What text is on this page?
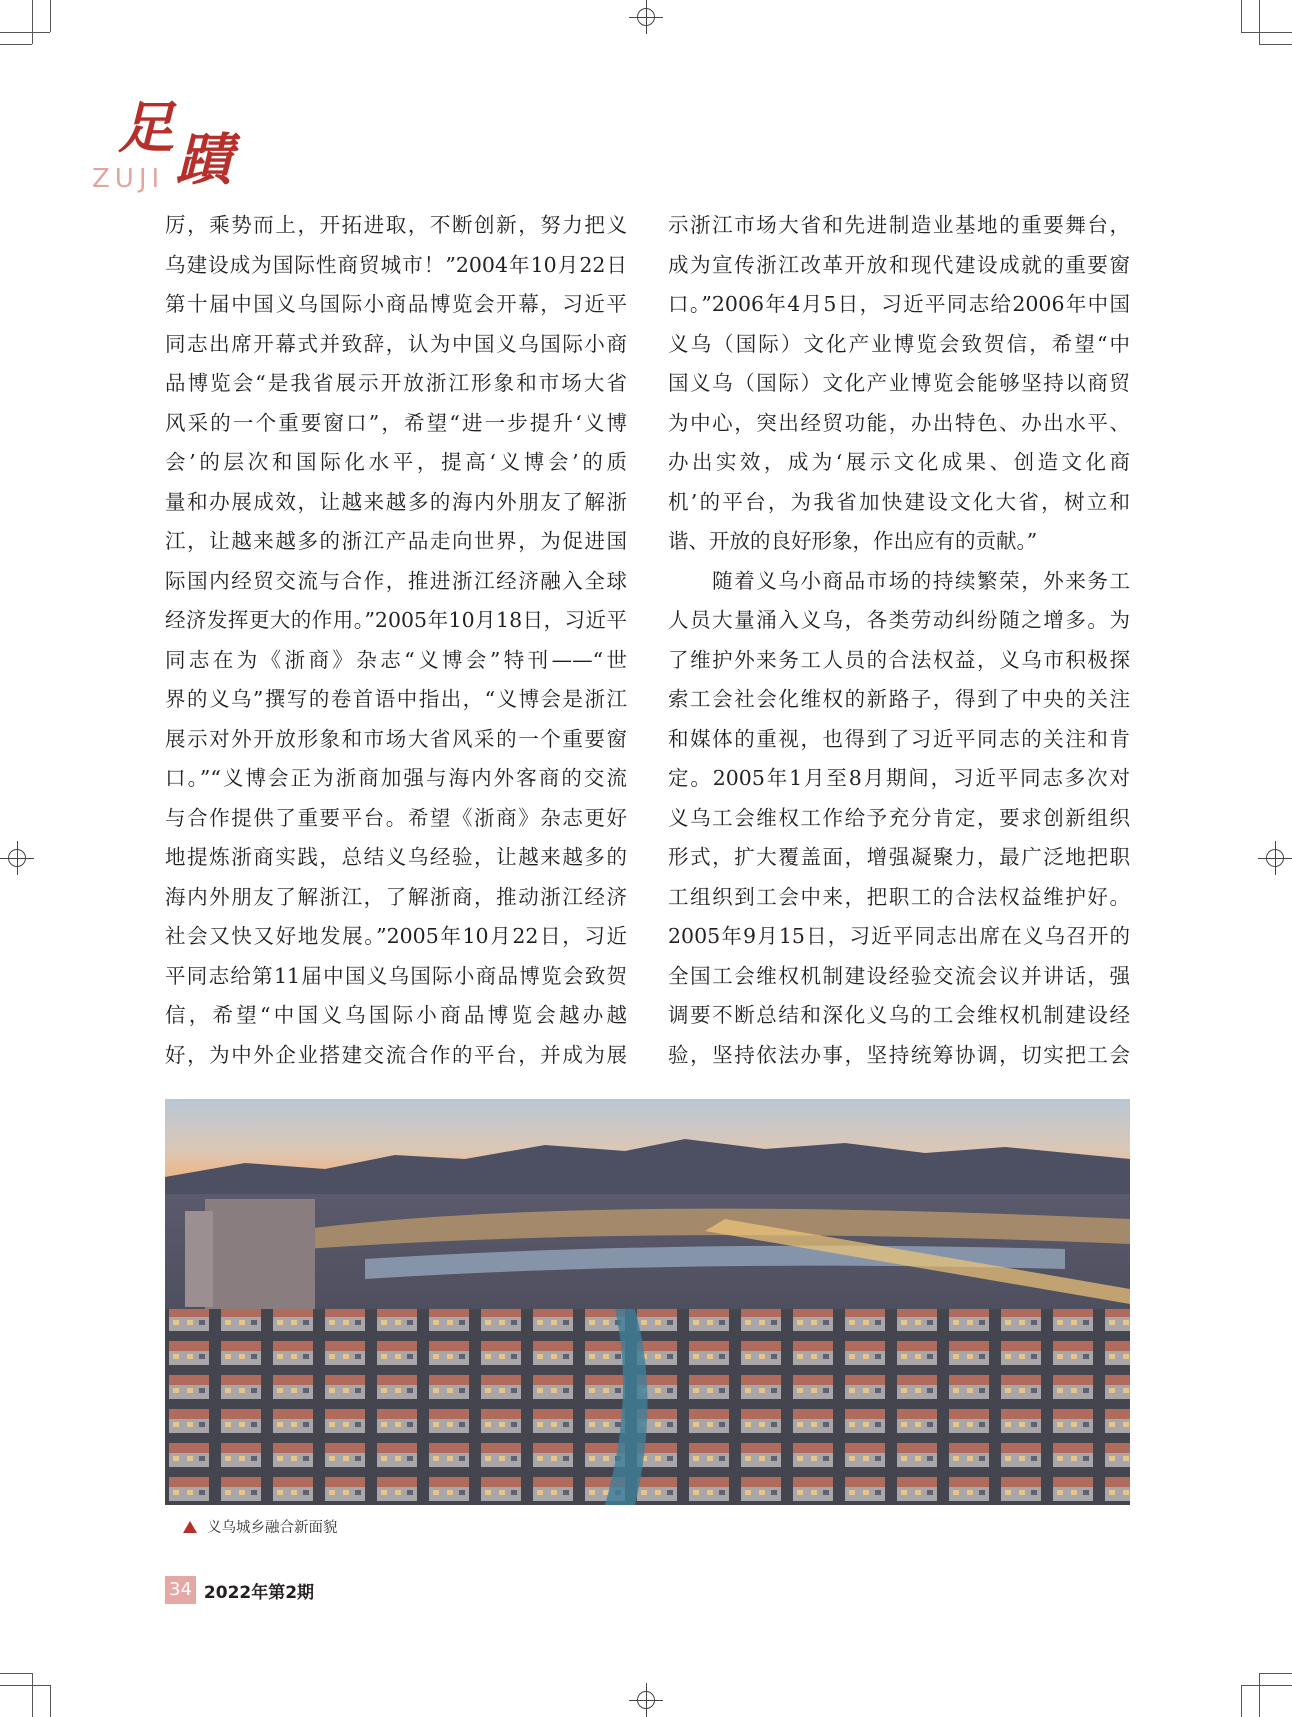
足 蹟
ZUJI
厉，乘势而上，开拓进取，不断创新，努力把义
乌建设成为国际性商贸城市！”2004年10月22日
第十届中国义乌国际小商品博览会开幕，习近平
同志出席开幕式并致辞，认为中国义乌国际小商
品博览会“是我省展示开放浙江形象和市场大省
风采的一个重要窗口”，希望“进一步提升‘义博
会’的层次和国际化水平，提高‘义博会’的质
量和办展成效，让越来越多的海内外朋友了解浙
江，让越来越多的浙江产品走向世界，为促进国
际国内经贸交流与合作，推进浙江经济融入全球
经济发挥更大的作用。”2005年10月18日，习近平
同志在为《浙商》杂志“义博会”特刊——“世
界的义乌”撰写的卷首语中指出，“义博会是浙江
展示对外开放形象和市场大省风采的一个重要窗
口。”“义博会正为浙商加强与海内外客商的交流
与合作提供了重要平台。希望《浙商》杂志更好
地提炼浙商实践，总结义乌经验，让越来越多的
海内外朋友了解浙江，了解浙商，推动浙江经济
社会又快又好地发展。”2005年10月22日，习近
平同志给第11届中国义乌国际小商品博览会致贺
信，希望“中国义乌国际小商品博览会越办越
好，为中外企业搭建交流合作的平台，并成为展
示浙江市场大省和先进制造业基地的重要舞台，
成为宣传浙江改革开放和现代建设成就的重要窗
口。”2006年4月5日，习近平同志给2006年中国
义乌（国际）文化产业博览会致贺信，希望“中
国义乌（国际）文化产业博览会能够坚持以商贸
为中心，突出经贸功能，办出特色、办出水平、
办出实效，成为‘展示文化成果、创造文化商
机’的平台，为我省加快建设文化大省，树立和
谐、开放的良好形象，作出应有的贡献。”
　　随着义乌小商品市场的持续繁荣，外来务工
人员大量涌入义乌，各类劳动纠纷随之增多。为
了维护外来务工人员的合法权益，义乌市积极探
索工会社会化维权的新路子，得到了中央的关注
和媒体的重视，也得到了习近平同志的关注和肯
定。2005年1月至8月期间，习近平同志多次对
义乌工会维权工作给予充分肯定，要求创新组织
形式，扩大覆盖面，增强凝聚力，最广泛地把职
工组织到工会中来，把职工的合法权益维护好。
2005年9月15日，习近平同志出席在义乌召开的
全国工会维权机制建设经验交流会议并讲话，强
调要不断总结和深化义乌的工会维权机制建设经
验，坚持依法办事，坚持统筹协调，切实把工会
义乌城乡融合新面貌
34 2022年第2期
